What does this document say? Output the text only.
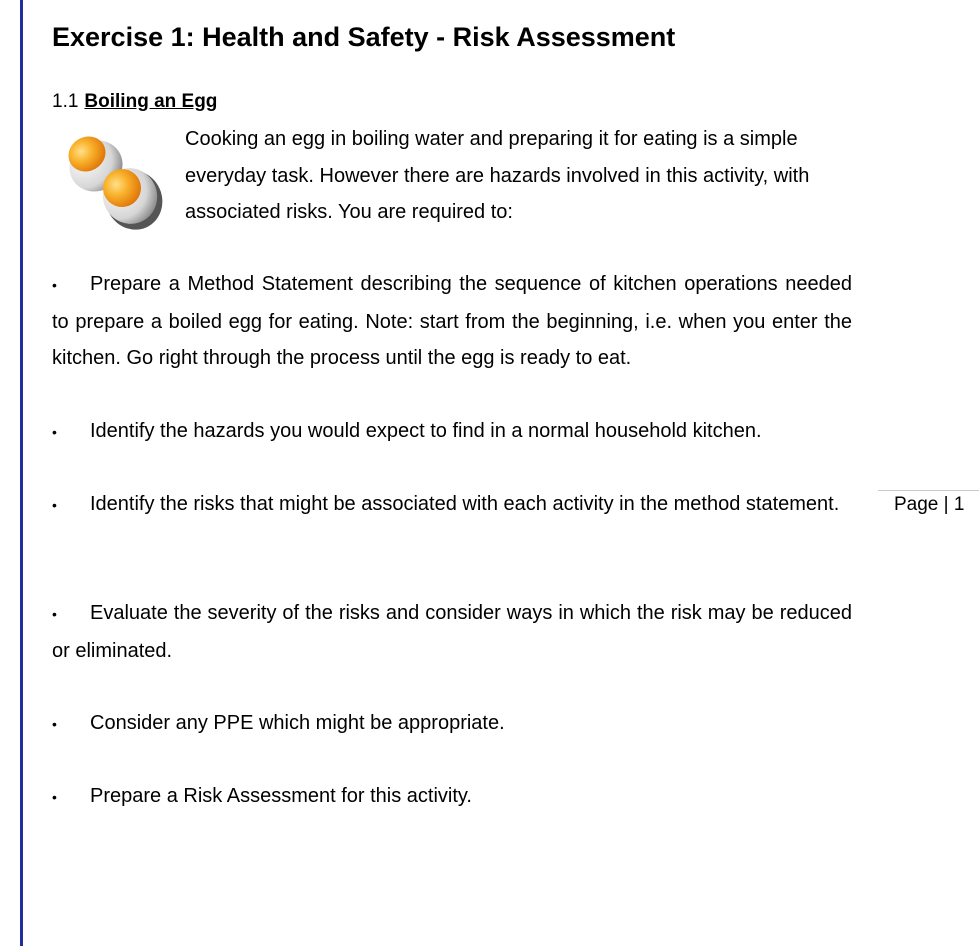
Exercise 1: Health and Safety - Risk Assessment
1.1 Boiling an Egg
Cooking an egg in boiling water and preparing it for eating is a simple everyday task. However there are hazards involved in this activity, with associated risks. You are required to:
• Prepare a Method Statement describing the sequence of kitchen operations needed to prepare a boiled egg for eating. Note: start from the beginning, i.e. when you enter the kitchen. Go right through the process until the egg is ready to eat.
• Identify the hazards you would expect to find in a normal household kitchen.
• Identify the risks that might be associated with each activity in the method statement.
• Evaluate the severity of the risks and consider ways in which the risk may be reduced or eliminated.
• Consider any PPE which might be appropriate.
• Prepare a Risk Assessment for this activity.
Page | 1
